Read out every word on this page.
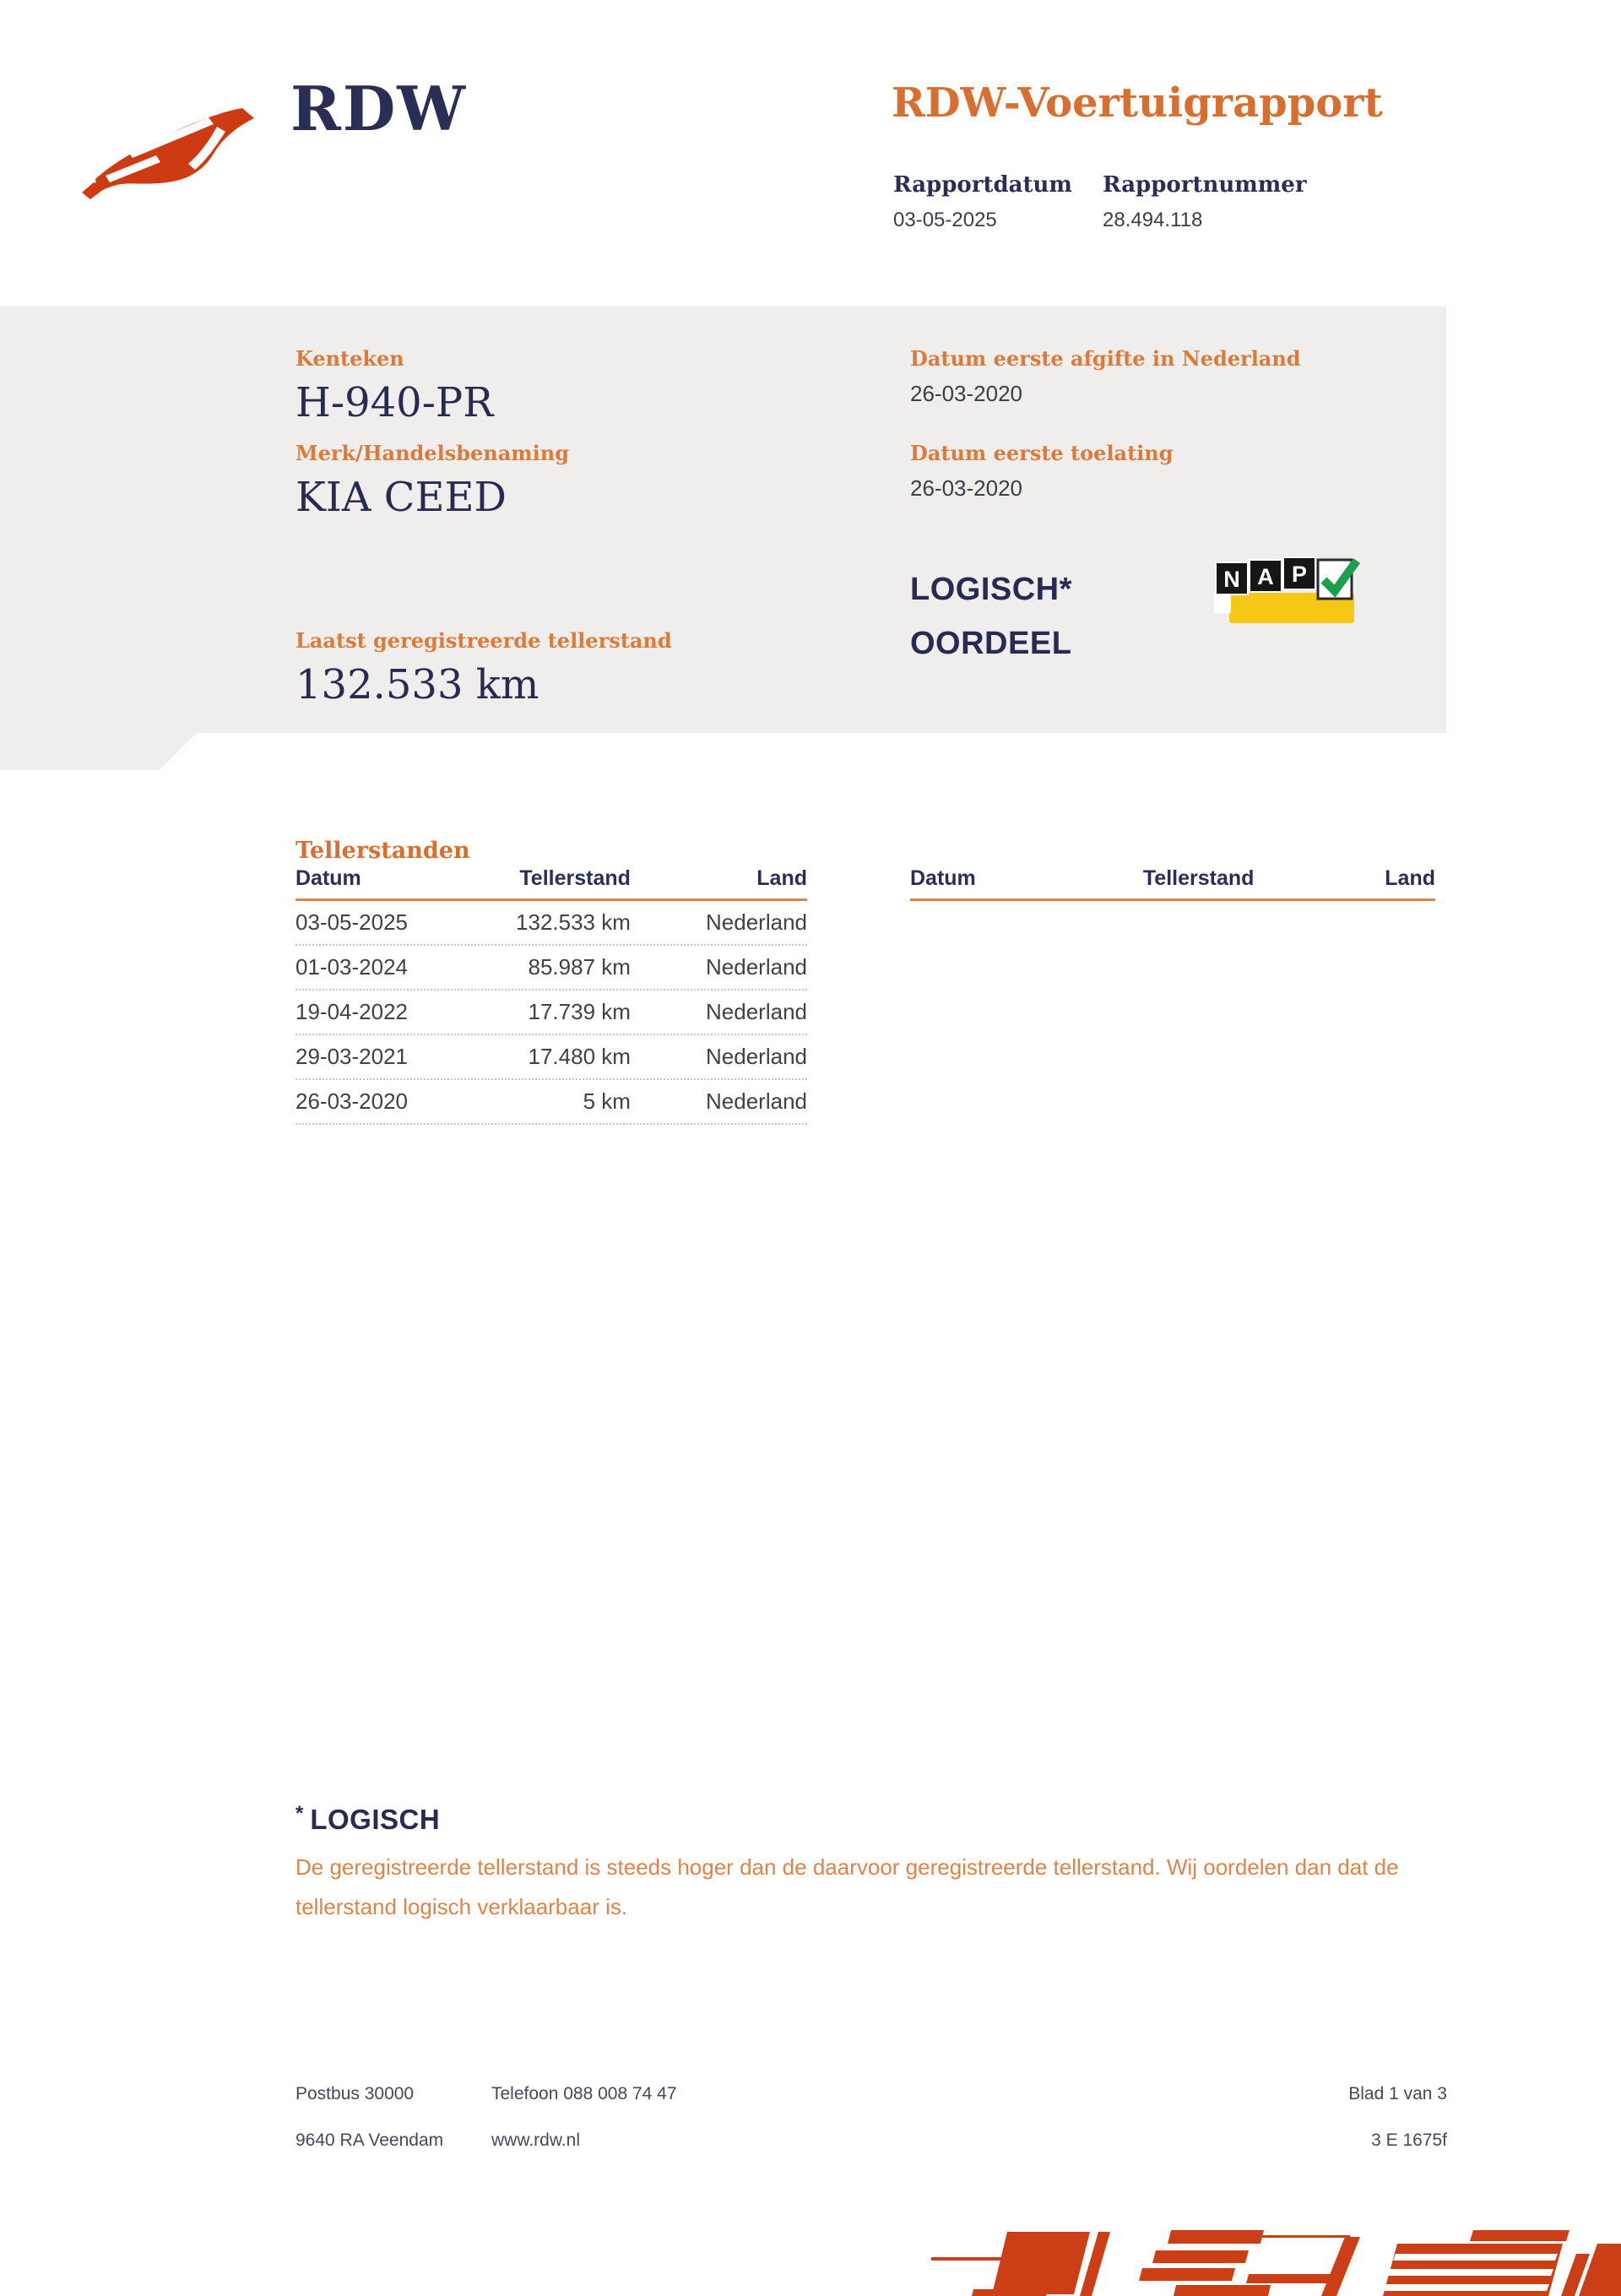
RDW	RDW-Voertuigrapport
Rapportdatum
03-05-2025
Rapportnummer
28.494.118
Kenteken
H-940-PR
Merk/Handelsbenaming
KIA CEED
Datum eerste afgifte in Nederland
26-03-2020
Datum eerste toelating
26-03-2020
Laatst geregistreerde tellerstand
132.533 km
LOGISCH*
OORDEEL
N A P
Tellerstanden
Datum	Tellerstand	Land
03-05-2025	132.533 km	Nederland
01-03-2024	85.987 km	Nederland
19-04-2022	17.739 km	Nederland
29-03-2021	17.480 km	Nederland
26-03-2020	5 km	Nederland
Datum	Tellerstand	Land
* LOGISCH
De geregistreerde tellerstand is steeds hoger dan de daarvoor geregistreerde tellerstand. Wij oordelen dan dat de tellerstand logisch verklaarbaar is.
Postbus 30000	Telefoon 088 008 74 47	Blad 1 van 3
9640 RA Veendam	www.rdw.nl	3 E 1675f
